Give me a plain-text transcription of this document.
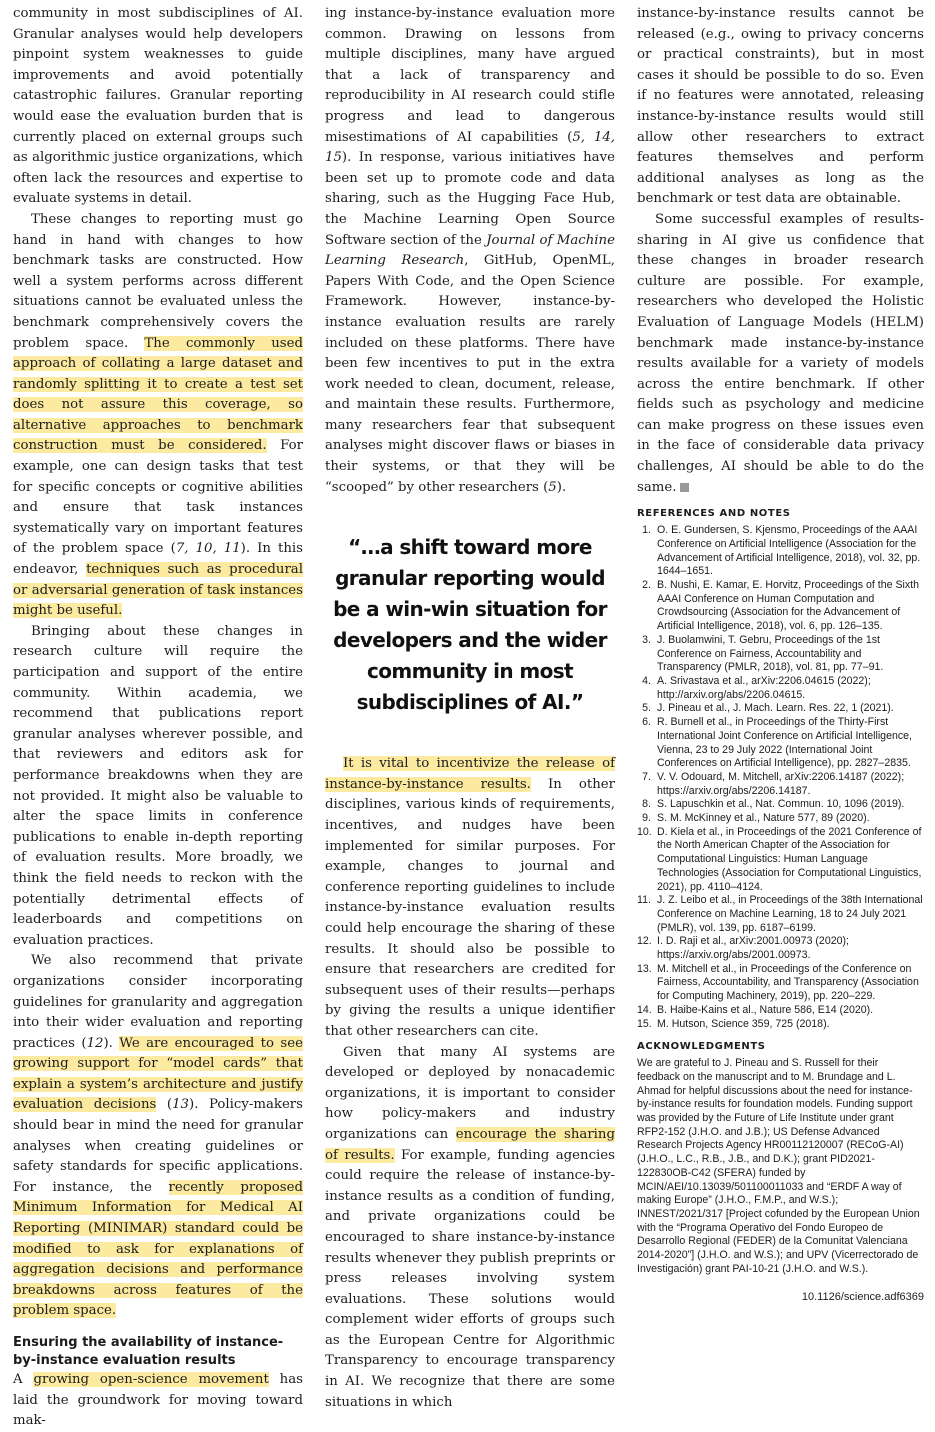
community in most subdisciplines of AI. Granular analyses would help developers pinpoint system weaknesses to guide improvements and avoid potentially catastrophic failures. Granular reporting would ease the evaluation burden that is currently placed on external groups such as algorithmic justice organizations, which often lack the resources and expertise to evaluate systems in detail.

These changes to reporting must go hand in hand with changes to how benchmark tasks are constructed. How well a system performs across different situations cannot be evaluated unless the benchmark comprehensively covers the problem space. The commonly used approach of collating a large dataset and randomly splitting it to create a test set does not assure this coverage, so alternative approaches to benchmark construction must be considered. For example, one can design tasks that test for specific concepts or cognitive abilities and ensure that task instances systematically vary on important features of the problem space (7, 10, 11). In this endeavor, techniques such as procedural or adversarial generation of task instances might be useful.

Bringing about these changes in research culture will require the participation and support of the entire community. Within academia, we recommend that publications report granular analyses wherever possible, and that reviewers and editors ask for performance breakdowns when they are not provided. It might also be valuable to alter the space limits in conference publications to enable in-depth reporting of evaluation results. More broadly, we think the field needs to reckon with the potentially detrimental effects of leaderboards and competitions on evaluation practices.

We also recommend that private organizations consider incorporating guidelines for granularity and aggregation into their wider evaluation and reporting practices (12). We are encouraged to see growing support for “model cards” that explain a system’s architecture and justify evaluation decisions (13). Policy-makers should bear in mind the need for granular analyses when creating guidelines or safety standards for specific applications. For instance, the recently proposed Minimum Information for Medical AI Reporting (MINIMAR) standard could be modified to ask for explanations of aggregation decisions and performance breakdowns across features of the problem space.

Ensuring the availability of instance-by-instance evaluation results

A growing open-science movement has laid the groundwork for moving toward mak-

ing instance-by-instance evaluation more common. Drawing on lessons from multiple disciplines, many have argued that a lack of transparency and reproducibility in AI research could stifle progress and lead to dangerous misestimations of AI capabilities (5, 14, 15). In response, various initiatives have been set up to promote code and data sharing, such as the Hugging Face Hub, the Machine Learning Open Source Software section of the Journal of Machine Learning Research, GitHub, OpenML, Papers With Code, and the Open Science Framework. However, instance-by-instance evaluation results are rarely included on these platforms. There have been few incentives to put in the extra work needed to clean, document, release, and maintain these results. Furthermore, many researchers fear that subsequent analyses might discover flaws or biases in their systems, or that they will be “scooped” by other researchers (5).

“…a shift toward more granular reporting would be a win-win situation for developers and the wider community in most subdisciplines of AI.”

It is vital to incentivize the release of instance-by-instance results. In other disciplines, various kinds of requirements, incentives, and nudges have been implemented for similar purposes. For example, changes to journal and conference reporting guidelines to include instance-by-instance evaluation results could help encourage the sharing of these results. It should also be possible to ensure that researchers are credited for subsequent uses of their results—perhaps by giving the results a unique identifier that other researchers can cite.

Given that many AI systems are developed or deployed by nonacademic organizations, it is important to consider how policy-makers and industry organizations can encourage the sharing of results. For example, funding agencies could require the release of instance-by-instance results as a condition of funding, and private organizations could be encouraged to share instance-by-instance results whenever they publish preprints or press releases involving system evaluations. These solutions would complement wider efforts of groups such as the European Centre for Algorithmic Transparency to encourage transparency in AI. We recognize that there are some situations in which

instance-by-instance results cannot be released (e.g., owing to privacy concerns or practical constraints), but in most cases it should be possible to do so. Even if no features were annotated, releasing instance-by-instance results would still allow other researchers to extract features themselves and perform additional analyses as long as the benchmark or test data are obtainable.

Some successful examples of results-sharing in AI give us confidence that these changes in broader research culture are possible. For example, researchers who developed the Holistic Evaluation of Language Models (HELM) benchmark made instance-by-instance results available for a variety of models across the entire benchmark. If other fields such as psychology and medicine can make progress on these issues even in the face of considerable data privacy challenges, AI should be able to do the same.

REFERENCES AND NOTES
1. O. E. Gundersen, S. Kjensmo, Proceedings of the AAAI Conference on Artificial Intelligence (Association for the Advancement of Artificial Intelligence, 2018), vol. 32, pp. 1644–1651.
2. B. Nushi, E. Kamar, E. Horvitz, Proceedings of the Sixth AAAI Conference on Human Computation and Crowdsourcing (Association for the Advancement of Artificial Intelligence, 2018), vol. 6, pp. 126–135.
3. J. Buolamwini, T. Gebru, Proceedings of the 1st Conference on Fairness, Accountability and Transparency (PMLR, 2018), vol. 81, pp. 77–91.
4. A. Srivastava et al., arXiv:2206.04615 (2022); http://arxiv.org/abs/2206.04615.
5. J. Pineau et al., J. Mach. Learn. Res. 22, 1 (2021).
6. R. Burnell et al., in Proceedings of the Thirty-First International Joint Conference on Artificial Intelligence, Vienna, 23 to 29 July 2022 (International Joint Conferences on Artificial Intelligence), pp. 2827–2835.
7. V. V. Odouard, M. Mitchell, arXiv:2206.14187 (2022); https://arxiv.org/abs/2206.14187.
8. S. Lapuschkin et al., Nat. Commun. 10, 1096 (2019).
9. S. M. McKinney et al., Nature 577, 89 (2020).
10. D. Kiela et al., in Proceedings of the 2021 Conference of the North American Chapter of the Association for Computational Linguistics: Human Language Technologies (Association for Computational Linguistics, 2021), pp. 4110–4124.
11. J. Z. Leibo et al., in Proceedings of the 38th International Conference on Machine Learning, 18 to 24 July 2021 (PMLR), vol. 139, pp. 6187–6199.
12. I. D. Raji et al., arXiv:2001.00973 (2020); https://arxiv.org/abs/2001.00973.
13. M. Mitchell et al., in Proceedings of the Conference on Fairness, Accountability, and Transparency (Association for Computing Machinery, 2019), pp. 220–229.
14. B. Haibe-Kains et al., Nature 586, E14 (2020).
15. M. Hutson, Science 359, 725 (2018).
ACKNOWLEDGMENTS

We are grateful to J. Pineau and S. Russell for their feedback on the manuscript and to M. Brundage and L. Ahmad for helpful discussions about the need for instance-by-instance results for foundation models. Funding support was provided by the Future of Life Institute under grant RFP2-152 (J.H.O. and J.B.); US Defense Advanced Research Projects Agency HR00112120007 (RECoG-AI) (J.H.O., L.C., R.B., J.B., and D.K.); grant PID2021-122830OB-C42 (SFERA) funded by MCIN/AEI/10.13039/501100011033 and “ERDF A way of making Europe” (J.H.O., F.M.P., and W.S.); INNEST/2021/317 [Project cofunded by the European Union with the “Programa Operativo del Fondo Europeo de Desarrollo Regional (FEDER) de la Comunitat Valenciana 2014-2020”] (J.H.O. and W.S.); and UPV (Vicerrectorado de Investigación) grant PAI-10-21 (J.H.O. and W.S.).

10.1126/science.adf6369
